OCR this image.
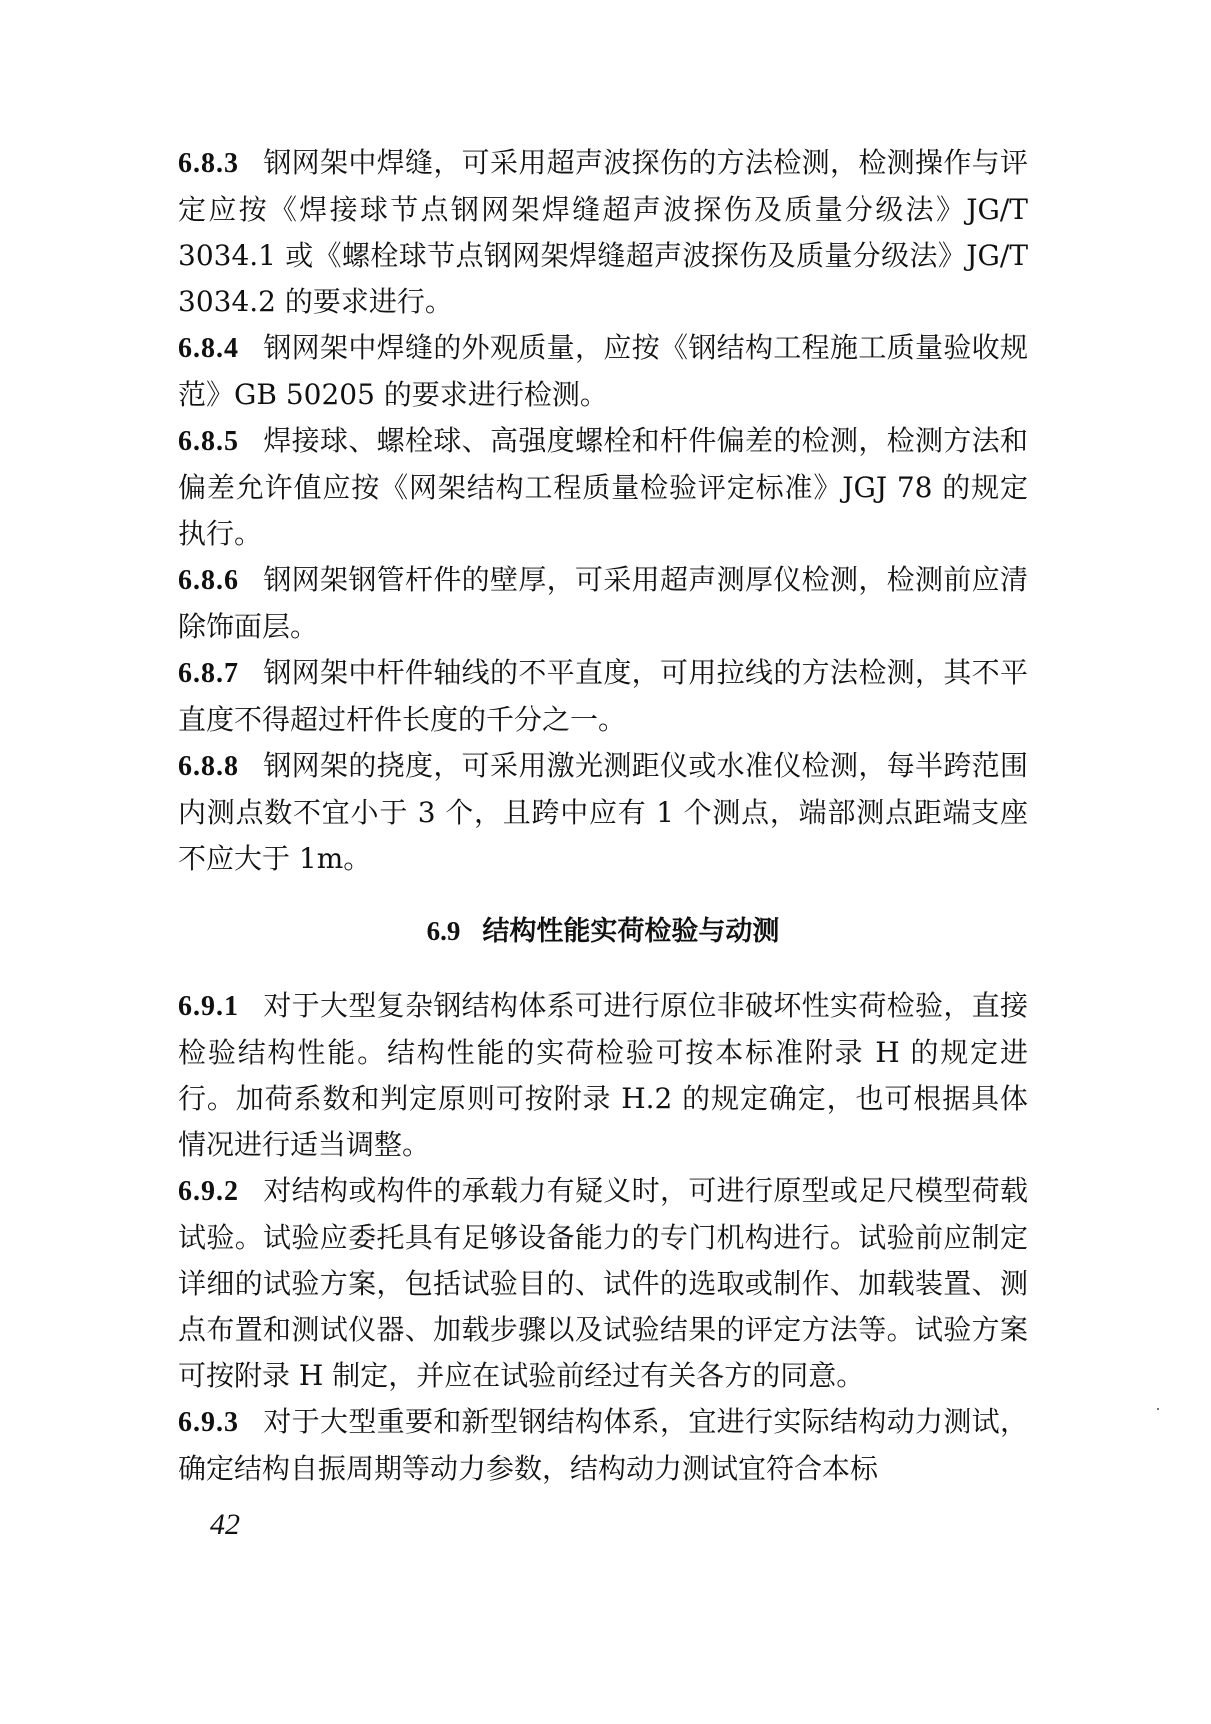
6.8.3 钢网架中焊缝，可采用超声波探伤的方法检测，检测操作与评定应按《焊接球节点钢网架焊缝超声波探伤及质量分级法》JG/T 3034.1 或《螺栓球节点钢网架焊缝超声波探伤及质量分级法》JG/T 3034.2 的要求进行。

6.8.4 钢网架中焊缝的外观质量，应按《钢结构工程施工质量验收规范》GB 50205 的要求进行检测。

6.8.5 焊接球、螺栓球、高强度螺栓和杆件偏差的检测，检测方法和偏差允许值应按《网架结构工程质量检验评定标准》JGJ 78 的规定执行。

6.8.6 钢网架钢管杆件的壁厚，可采用超声测厚仪检测，检测前应清除饰面层。

6.8.7 钢网架中杆件轴线的不平直度，可用拉线的方法检测，其不平直度不得超过杆件长度的千分之一。

6.8.8 钢网架的挠度，可采用激光测距仪或水准仪检测，每半跨范围内测点数不宜小于 3 个，且跨中应有 1 个测点，端部测点距端支座不应大于 1m。

6.9 结构性能实荷检验与动测

6.9.1 对于大型复杂钢结构体系可进行原位非破坏性实荷检验，直接检验结构性能。结构性能的实荷检验可按本标准附录 H 的规定进行。加荷系数和判定原则可按附录 H.2 的规定确定，也可根据具体情况进行适当调整。

6.9.2 对结构或构件的承载力有疑义时，可进行原型或足尺模型荷载试验。试验应委托具有足够设备能力的专门机构进行。试验前应制定详细的试验方案，包括试验目的、试件的选取或制作、加载装置、测点布置和测试仪器、加载步骤以及试验结果的评定方法等。试验方案可按附录 H 制定，并应在试验前经过有关各方的同意。

6.9.3 对于大型重要和新型钢结构体系，宜进行实际结构动力测试，确定结构自振周期等动力参数，结构动力测试宜符合本标

42
